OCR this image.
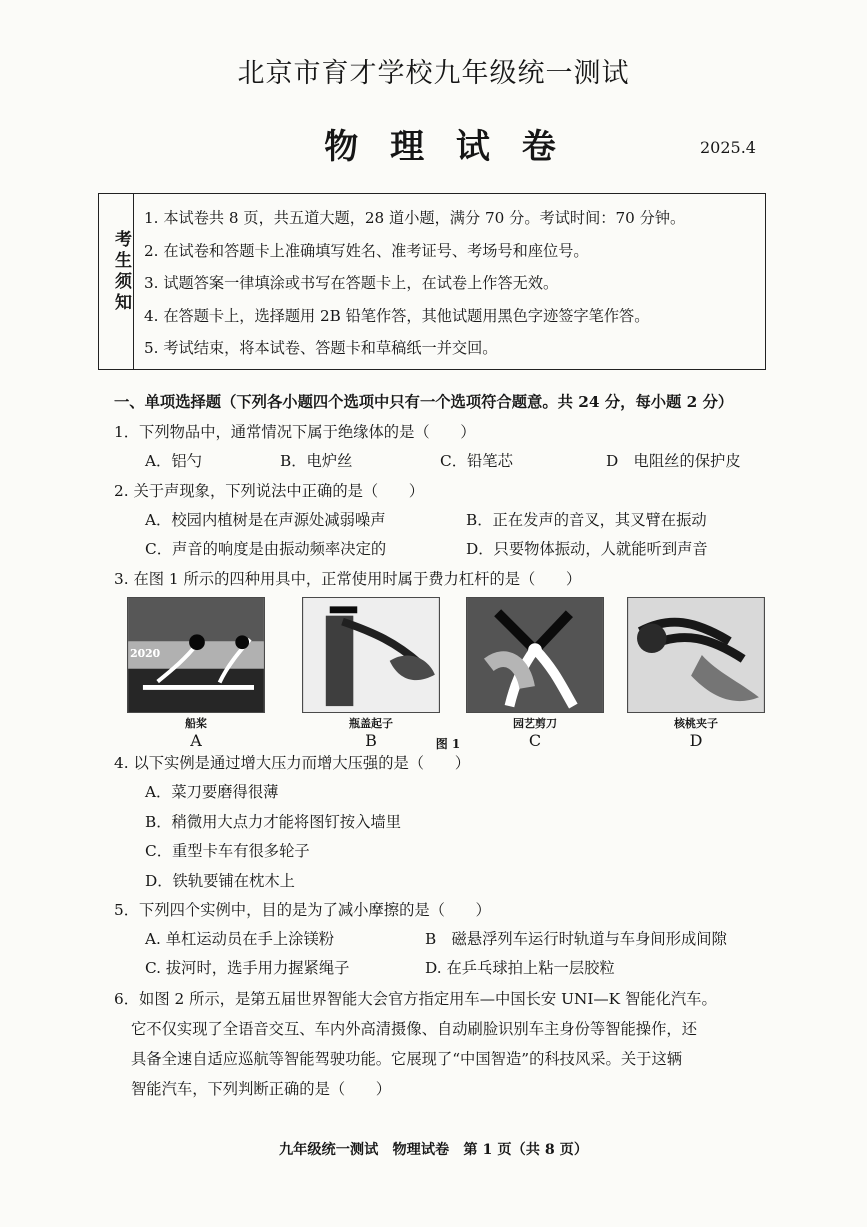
北京市育才学校九年级统一测试
物 理 试 卷	2025.4
考生须知
1. 本试卷共 8 页，共五道大题，28 道小题，满分 70 分。考试时间：70 分钟。
2. 在试卷和答题卡上准确填写姓名、准考证号、考场号和座位号。
3. 试题答案一律填涂或书写在答题卡上，在试卷上作答无效。
4. 在答题卡上，选择题用 2B 铅笔作答，其他试题用黑色字迹签字笔作答。
5. 考试结束，将本试卷、答题卡和草稿纸一并交回。
一、单项选择题（下列各小题四个选项中只有一个选项符合题意。共 24 分，每小题 2 分）
1．下列物品中，通常情况下属于绝缘体的是（　　）
A．铝勺	B．电炉丝	C．铅笔芯	D　电阻丝的保护皮
2. 关于声现象，下列说法中正确的是（　　）
A．校园内植树是在声源处减弱噪声	B．正在发声的音叉，其叉臂在振动
C．声音的响度是由振动频率决定的	D．只要物体振动，人就能听到声音
3. 在图 1 所示的四种用具中，正常使用时属于费力杠杆的是（　　）
2020
船桨	瓶盖起子	园艺剪刀	核桃夹子
A	B	C	D
图 1
4. 以下实例是通过增大压力而增大压强的是（　　）
A．菜刀要磨得很薄
B．稍微用大点力才能将图钉按入墙里
C．重型卡车有很多轮子
D．铁轨要铺在枕木上
5．下列四个实例中，目的是为了减小摩擦的是（　　）
A. 单杠运动员在手上涂镁粉	B　磁悬浮列车运行时轨道与车身间形成间隙
C. 拔河时，选手用力握紧绳子	D. 在乒乓球拍上粘一层胶粒
6．如图 2 所示，是第五届世界智能大会官方指定用车—中国长安 UNI—K 智能化汽车。
它不仅实现了全语音交互、车内外高清摄像、自动刷脸识别车主身份等智能操作，还
具备全速自适应巡航等智能驾驶功能。它展现了“中国智造”的科技风采。关于这辆
智能汽车，下列判断正确的是（　　）
九年级统一测试　物理试卷　第 1 页（共 8 页）
